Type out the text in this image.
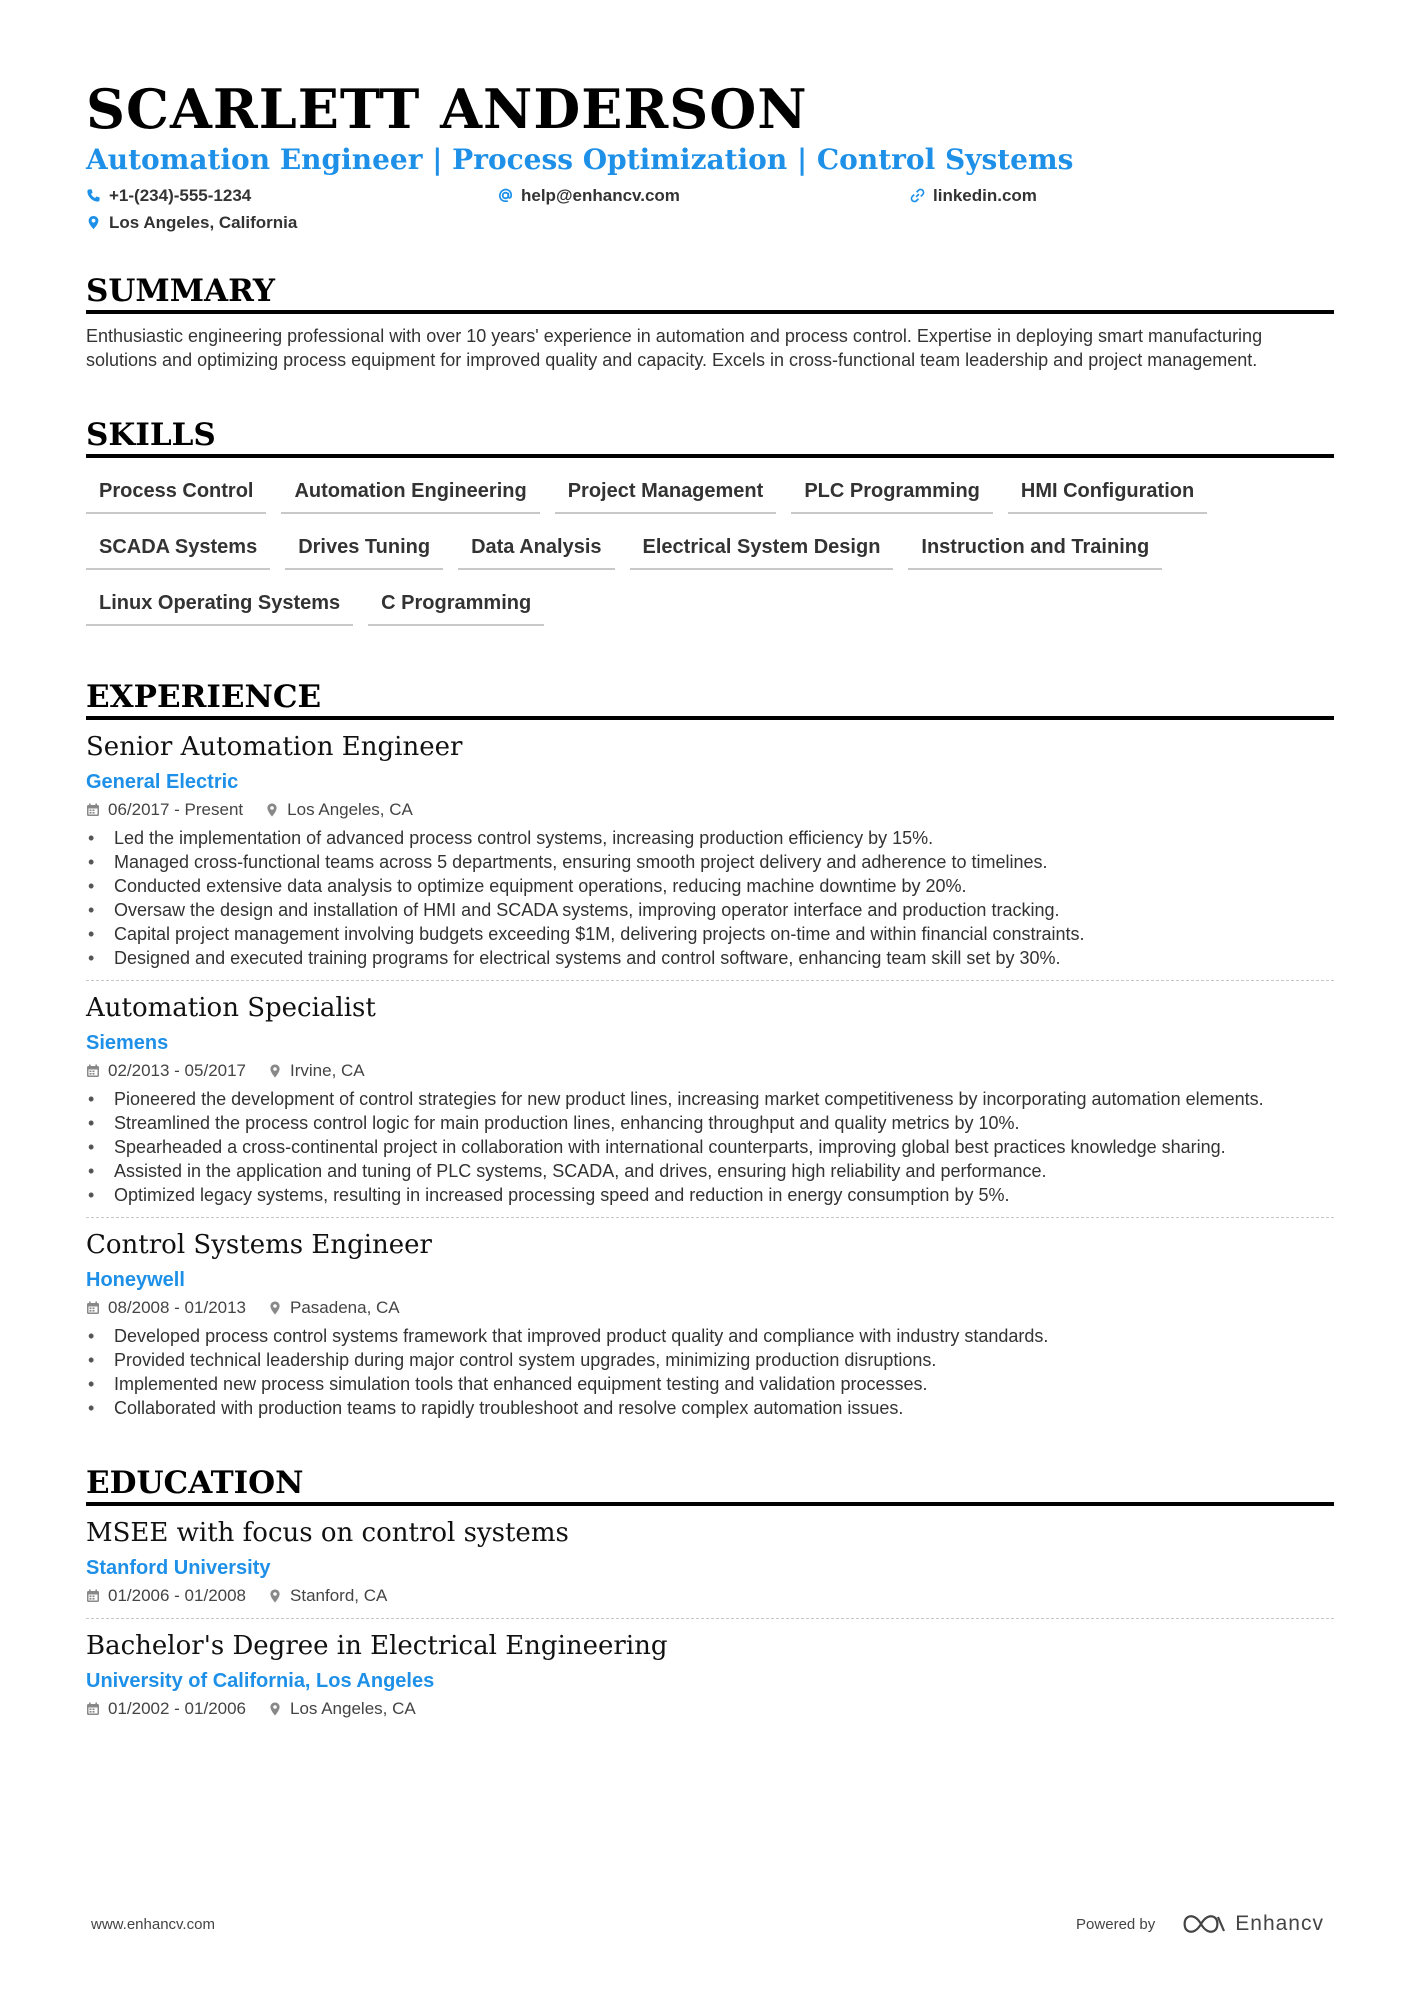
SCARLETT ANDERSON
Automation Engineer | Process Optimization | Control Systems
+1-(234)-555-1234	help@enhancv.com	linkedin.com
Los Angeles, California
SUMMARY
Enthusiastic engineering professional with over 10 years' experience in automation and process control. Expertise in deploying smart manufacturing solutions and optimizing process equipment for improved quality and capacity. Excels in cross-functional team leadership and project management.
SKILLS
Process Control	Automation Engineering	Project Management	PLC Programming	HMI Configuration
SCADA Systems	Drives Tuning	Data Analysis	Electrical System Design	Instruction and Training
Linux Operating Systems	C Programming
EXPERIENCE
Senior Automation Engineer
General Electric
06/2017 - Present	Los Angeles, CA
• Led the implementation of advanced process control systems, increasing production efficiency by 15%.
• Managed cross-functional teams across 5 departments, ensuring smooth project delivery and adherence to timelines.
• Conducted extensive data analysis to optimize equipment operations, reducing machine downtime by 20%.
• Oversaw the design and installation of HMI and SCADA systems, improving operator interface and production tracking.
• Capital project management involving budgets exceeding $1M, delivering projects on-time and within financial constraints.
• Designed and executed training programs for electrical systems and control software, enhancing team skill set by 30%.
Automation Specialist
Siemens
02/2013 - 05/2017	Irvine, CA
• Pioneered the development of control strategies for new product lines, increasing market competitiveness by incorporating automation elements.
• Streamlined the process control logic for main production lines, enhancing throughput and quality metrics by 10%.
• Spearheaded a cross-continental project in collaboration with international counterparts, improving global best practices knowledge sharing.
• Assisted in the application and tuning of PLC systems, SCADA, and drives, ensuring high reliability and performance.
• Optimized legacy systems, resulting in increased processing speed and reduction in energy consumption by 5%.
Control Systems Engineer
Honeywell
08/2008 - 01/2013	Pasadena, CA
• Developed process control systems framework that improved product quality and compliance with industry standards.
• Provided technical leadership during major control system upgrades, minimizing production disruptions.
• Implemented new process simulation tools that enhanced equipment testing and validation processes.
• Collaborated with production teams to rapidly troubleshoot and resolve complex automation issues.
EDUCATION
MSEE with focus on control systems
Stanford University
01/2006 - 01/2008	Stanford, CA
Bachelor's Degree in Electrical Engineering
University of California, Los Angeles
01/2002 - 01/2006	Los Angeles, CA
www.enhancv.com	Powered by	Enhancv
